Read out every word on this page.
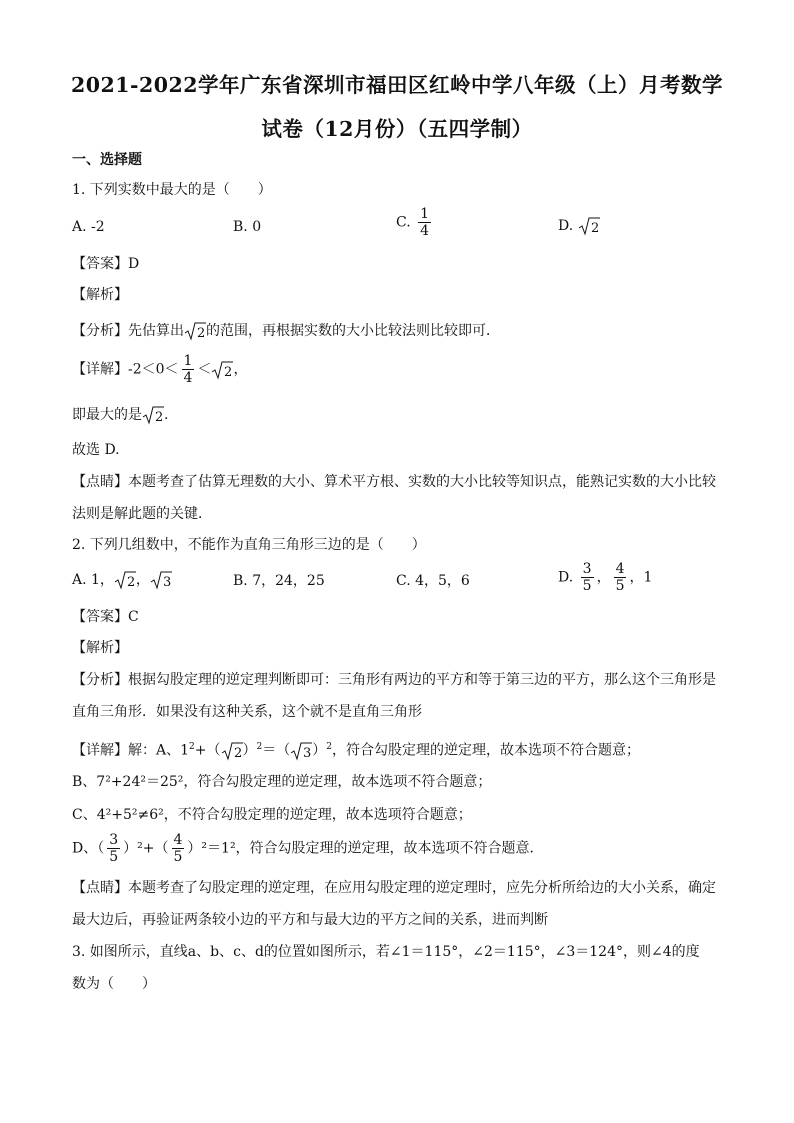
2021-2022学年广东省深圳市福田区红岭中学八年级（上）月考数学
试卷（12月份）（五四学制）
一、选择题
1. 下列实数中最大的是（　　）
A. -2	B. 0	C. $\frac{1}{4}$	D. 2
【答案】D
【解析】
【分析】先估算出 2 的范围，再根据实数的大小比较法则比较即可．
【详解】$-2<0< \frac{1}{4} < 2$ ，
即最大的是 2 .
故选 D.
【点睛】本题考查了估算无理数的大小、算术平方根、实数的大小比较等知识点，能熟记实数的大小比较
法则是解此题的关键．
2. 下列几组数中，不能作为直角三角形三边的是（　　）
A. 1， 2 ， 3	B. 7，24，25	C. 4，5，6	D. $\frac{3}{5}$ ， $\frac{4}{5}$ ，1
【答案】C
【解析】
【分析】根据勾股定理的逆定理判断即可：三角形有两边的平方和等于第三边的平方，那么这个三角形是
直角三角形．如果没有这种关系，这个就不是直角三角形
【详解】解：A、$1^2+$（ 2 ）$^2$＝（ 3 ）$^2$，符合勾股定理的逆定理，故本选项不符合题意；
B、7²+24²＝25²，符合勾股定理的逆定理，故本选项不符合题意；
C、4²+5²≠6²，不符合勾股定理的逆定理，故本选项符合题意；
D、（ $\frac{3}{5} )^2+( \frac{4}{5} )^2=1^2$，符合勾股定理的逆定理，故本选项不符合题意．
【点睛】本题考查了勾股定理的逆定理，在应用勾股定理的逆定理时，应先分析所给边的大小关系，确定
最大边后，再验证两条较小边的平方和与最大边的平方之间的关系，进而判断
3. 如图所示，直线a、b、c、d的位置如图所示，若∠1＝115°，∠2＝115°，∠3＝124°，则∠4的度
数为（　　）
